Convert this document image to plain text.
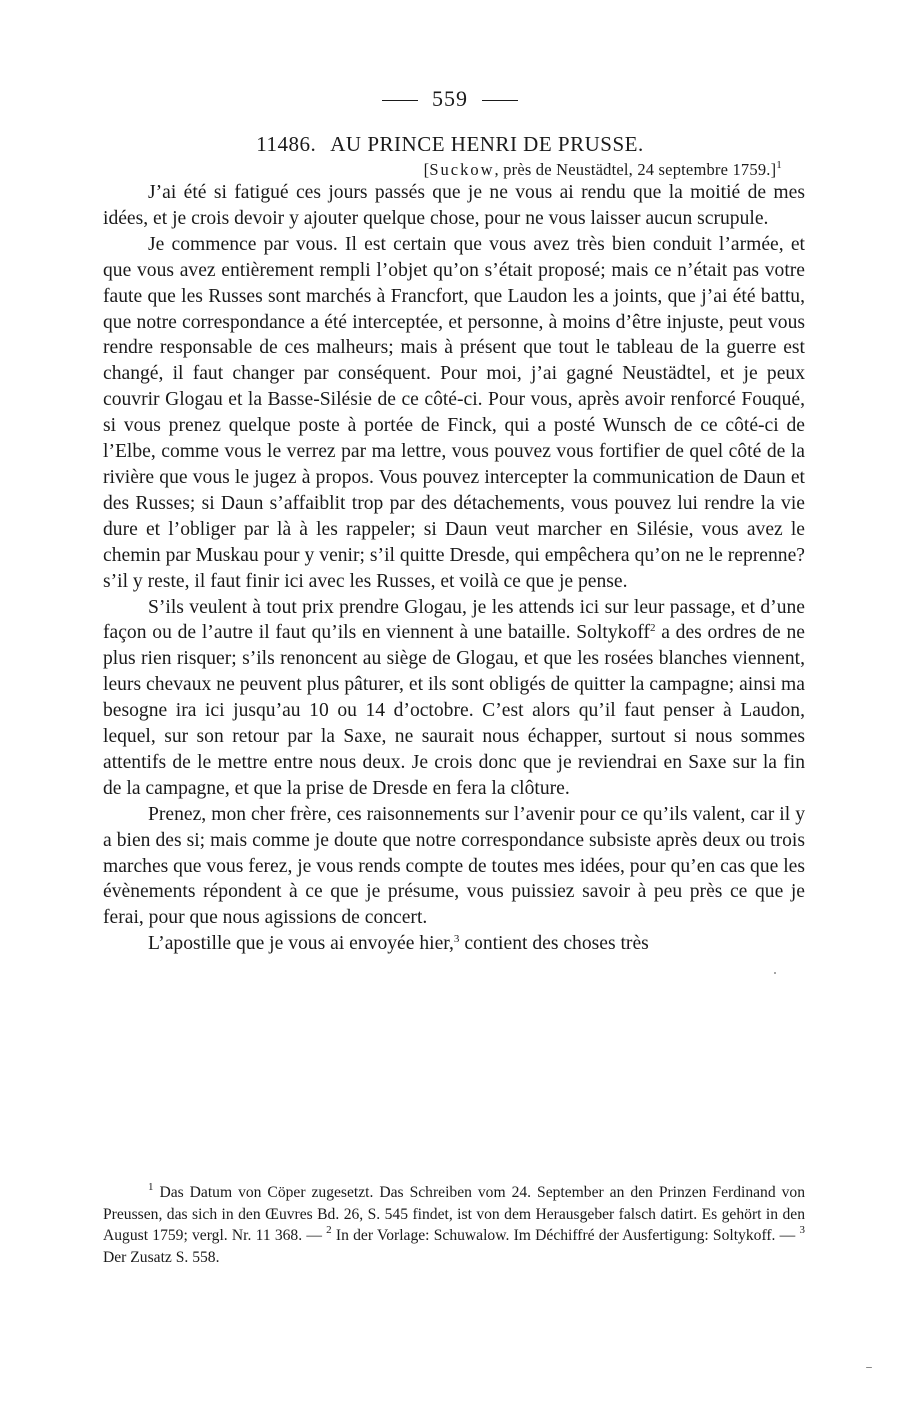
559
11486. AU PRINCE HENRI DE PRUSSE.
[Suckow, près de Neustädtel, 24 septembre 1759.]$^1$

J’ai été si fatigué ces jours passés que je ne vous ai rendu que la moitié de mes idées, et je crois devoir y ajouter quelque chose, pour ne vous laisser aucun scrupule.

Je commence par vous. Il est certain que vous avez très bien conduit l’armée, et que vous avez entièrement rempli l’objet qu’on s’était proposé; mais ce n’était pas votre faute que les Russes sont marchés à Francfort, que Laudon les a joints, que j’ai été battu, que notre correspondance a été interceptée, et personne, à moins d’être injuste, peut vous rendre responsable de ces malheurs; mais à présent que tout le tableau de la guerre est changé, il faut changer par conséquent. Pour moi, j’ai gagné Neustädtel, et je peux couvrir Glogau et la Basse-Silésie de ce côté-ci. Pour vous, après avoir renforcé Fouqué, si vous prenez quelque poste à portée de Finck, qui a posté Wunsch de ce côté-ci de l’Elbe, comme vous le verrez par ma lettre, vous pouvez vous fortifier de quel côté de la rivière que vous le jugez à propos. Vous pouvez intercepter la communication de Daun et des Russes; si Daun s’affaiblit trop par des détachements, vous pouvez lui rendre la vie dure et l’obliger par là à les rappeler; si Daun veut marcher en Silésie, vous avez le chemin par Muskau pour y venir; s’il quitte Dresde, qui empêchera qu’on ne le reprenne? s’il y reste, il faut finir ici avec les Russes, et voilà ce que je pense.

S’ils veulent à tout prix prendre Glogau, je les attends ici sur leur passage, et d’une façon ou de l’autre il faut qu’ils en viennent à une bataille. Soltykoff$^2$ a des ordres de ne plus rien risquer; s’ils renoncent au siège de Glogau, et que les rosées blanches viennent, leurs chevaux ne peuvent plus pâturer, et ils sont obligés de quitter la campagne; ainsi ma besogne ira ici jusqu’au 10 ou 14 d’octobre. C’est alors qu’il faut penser à Laudon, lequel, sur son retour par la Saxe, ne saurait nous échapper, surtout si nous sommes attentifs de le mettre entre nous deux. Je crois donc que je reviendrai en Saxe sur la fin de la campagne, et que la prise de Dresde en fera la clôture.

Prenez, mon cher frère, ces raisonnements sur l’avenir pour ce qu’ils valent, car il y a bien des si; mais comme je doute que notre correspondance subsiste après deux ou trois marches que vous ferez, je vous rends compte de toutes mes idées, pour qu’en cas que les évènements répondent à ce que je présume, vous puissiez savoir à peu près ce que je ferai, pour que nous agissions de concert.

L’apostille que je vous ai envoyée hier,$^3$ contient des choses très

$^1$ Das Datum von Cöper zugesetzt. Das Schreiben vom 24. September an den Prinzen Ferdinand von Preussen, das sich in den Œuvres Bd. 26, S. 545 findet, ist von dem Herausgeber falsch datirt. Es gehört in den August 1759; vergl. Nr. 11 368. — $^2$ In der Vorlage: Schuwalow. Im Déchiffré der Ausfertigung: Soltykoff. — $^3$ Der Zusatz S. 558.
